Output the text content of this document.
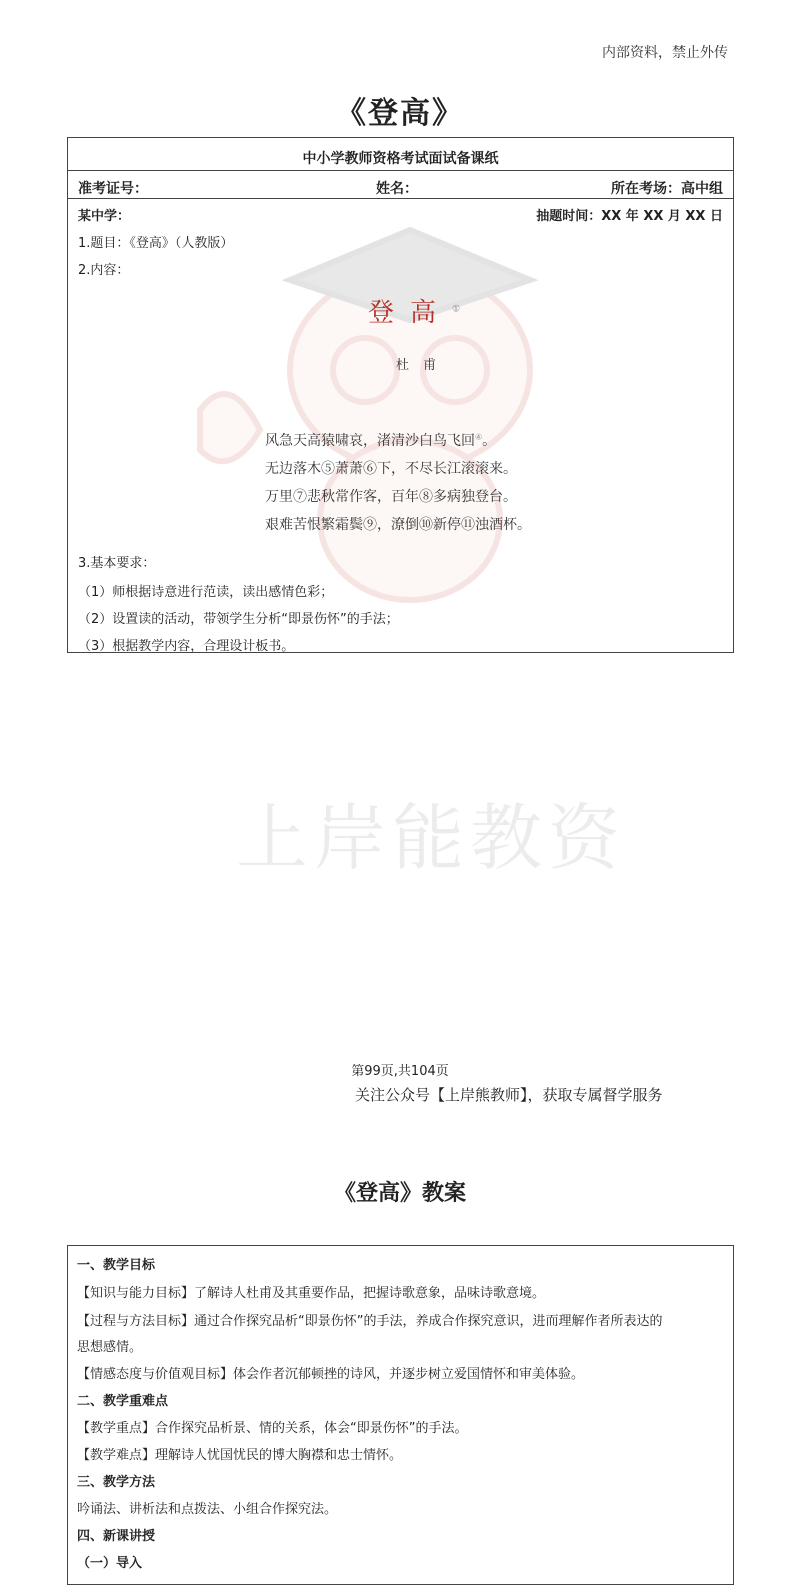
内部资料，禁止外传
《登高》
上岸能教资
中小学教师资格考试面试备课纸
准考证号：	姓名：	所在考场：高中组
某中学：	抽题时间：XX 年 XX 月 XX 日
1.题目：《登高》（人教版）
2.内容：
登高①
杜甫
风急天高猿啸哀，渚清沙白鸟飞回④。
无边落木⑤萧萧⑥下，不尽长江滚滚来。
万里⑦悲秋常作客，百年⑧多病独登台。
艰难苦恨繁霜鬓⑨，潦倒⑩新停⑪浊酒杯。
3.基本要求：
（1）师根据诗意进行范读，读出感情色彩；
（2）设置读的活动，带领学生分析“即景伤怀”的手法；
（3）根据教学内容，合理设计板书。
《登高》教案
一、教学目标
【知识与能力目标】了解诗人杜甫及其重要作品，把握诗歌意象，品味诗歌意境。
【过程与方法目标】通过合作探究品析“即景伤怀”的手法，养成合作探究意识，进而理解作者所表达的
思想感情。
【情感态度与价值观目标】体会作者沉郁顿挫的诗风，并逐步树立爱国情怀和审美体验。
二、教学重难点
【教学重点】合作探究品析景、情的关系，体会“即景伤怀”的手法。
【教学难点】理解诗人忧国忧民的博大胸襟和忠士情怀。
三、教学方法
吟诵法、讲析法和点拨法、小组合作探究法。
四、新课讲授
（一）导入
第99页,共104页
关注公众号【上岸熊教师】，获取专属督学服务
